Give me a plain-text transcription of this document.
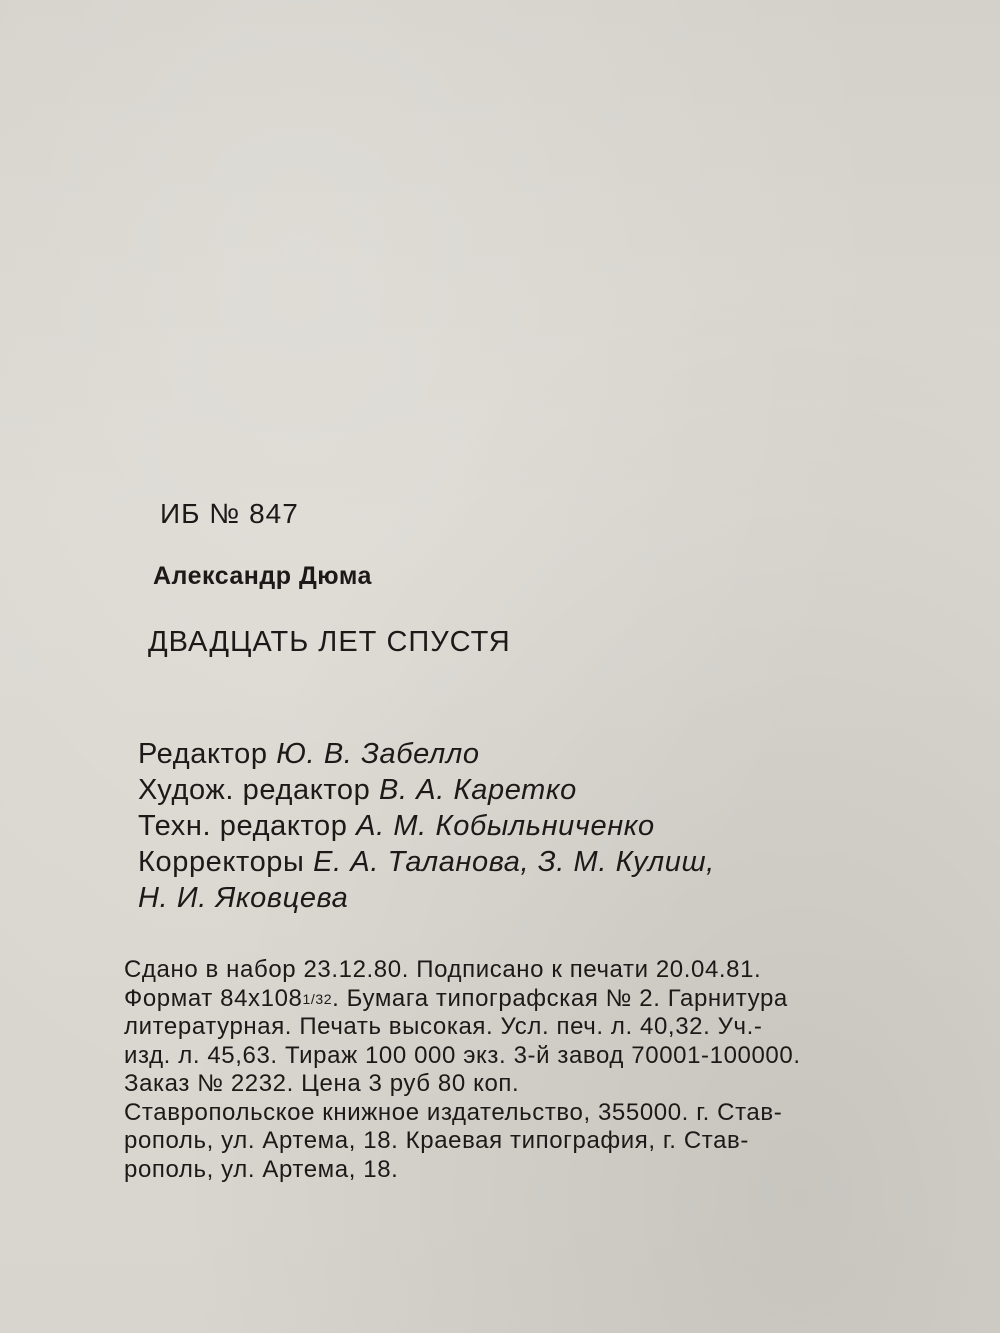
ИБ № 847
Александр Дюма
ДВАДЦАТЬ ЛЕТ СПУСТЯ
Редактор Ю. В. Забелло
Худож. редактор В. А. Каретко
Техн. редактор А. М. Кобыльниченко
Корректоры Е. А. Таланова, З. М. Кулиш,
Н. И. Яковцева
Сдано в набор 23.12.80. Подписано к печати 20.04.81.
Формат 84x108 1 /32 . Бумага типографская № 2. Гарнитура
литературная. Печать высокая. Усл. печ. л. 40,32. Уч.-
изд. л. 45,63. Тираж 100 000 экз. 3-й завод 70001-100000.
Заказ № 2232. Цена 3 руб 80 коп.
Ставропольское книжное издательство, 355000. г. Став-
рополь, ул. Артема, 18. Краевая типография, г. Став-
рополь, ул. Артема, 18.
